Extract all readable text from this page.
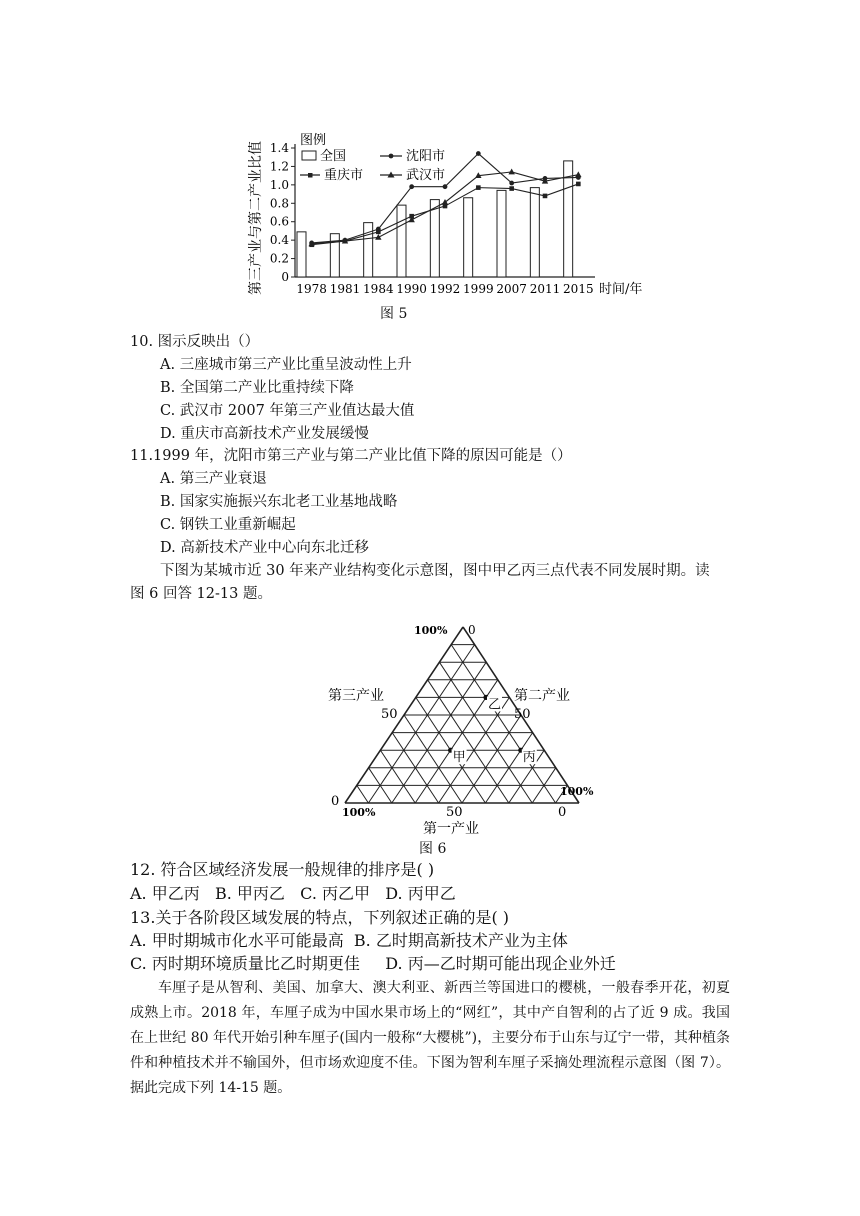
第三产业与第二产业比值 0
0.2
0.4
0.6
0.8
1.0
1.2
1.4
1978 1981 1984 1990 1992 1999 2007 2011 2015 时间/年
图例
全国	沈阳市
重庆市	武汉市
图 5
10. 图示反映出（）
A. 三座城市第三产业比重呈波动性上升
B. 全国第二产业比重持续下降
C. 武汉市 2007 年第三产业值达最大值
D. 重庆市高新技术产业发展缓慢
11.1999 年，沈阳市第三产业与第二产业比值下降的原因可能是（）
A. 第三产业衰退
B. 国家实施振兴东北老工业基地战略
C. 钢铁工业重新崛起
D. 高新技术产业中心向东北迁移
下图为某城市近 30 年来产业结构变化示意图，图中甲乙丙三点代表不同发展时期。读
图 6 回答 12-13 题。
甲
乙
丙
100% 0
第三产业	第二产业
50	50
0
100%
100%	50	0
第一产业
图 6
12. 符合区域经济发展一般规律的排序是( )
A. 甲乙丙   B. 甲丙乙   C. 丙乙甲   D. 丙甲乙
13.关于各阶段区域发展的特点，下列叙述正确的是( )
A. 甲时期城市化水平可能最高  B. 乙时期高新技术产业为主体
C. 丙时期环境质量比乙时期更佳     D. 丙—乙时期可能出现企业外迁
车厘子是从智利、美国、加拿大、澳大利亚、新西兰等国进口的樱桃，一般春季开花，初夏成熟上市。2018 年，车厘子成为中国水果市场上的“网红”，其中产自智利的占了近 9 成。我国在上世纪 80 年代开始引种车厘子(国内一般称“大樱桃”)，主要分布于山东与辽宁一带，其种植条件和种植技术并不输国外，但市场欢迎度不佳。下图为智利车厘子采摘处理流程示意图（图 7）。据此完成下列 14-15 题。
